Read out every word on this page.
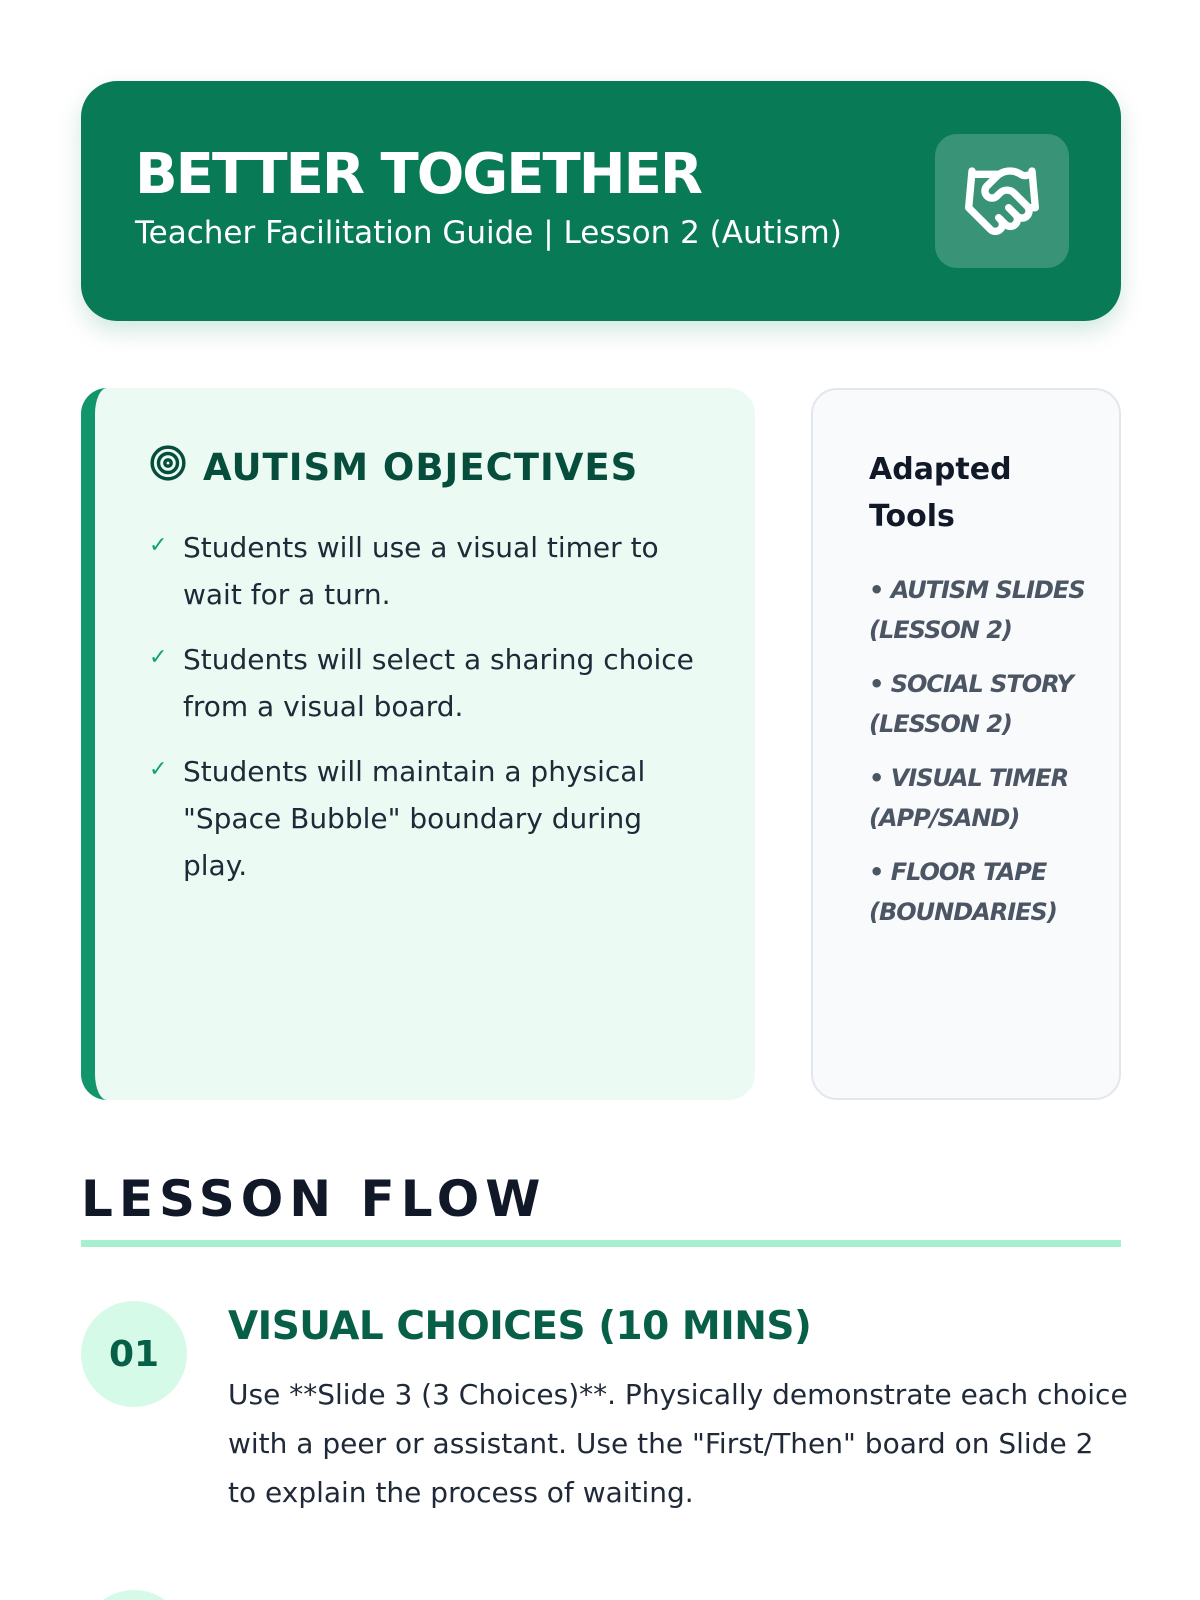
BETTER TOGETHER
Teacher Facilitation Guide | Lesson 2 (Autism)
AUTISM OBJECTIVES
✓ Students will use a visual timer to wait for a turn.
✓ Students will select a sharing choice from a visual board.
✓ Students will maintain a physical "Space Bubble" boundary during play.
Adapted Tools
• AUTISM SLIDES (LESSON 2)
• SOCIAL STORY (LESSON 2)
• VISUAL TIMER (APP/SAND)
• FLOOR TAPE (BOUNDARIES)
LESSON FLOW
01
VISUAL CHOICES (10 MINS)
Use **Slide 3 (3 Choices)**. Physically demonstrate each choice with a peer or assistant. Use the "First/Then" board on Slide 2 to explain the process of waiting.
